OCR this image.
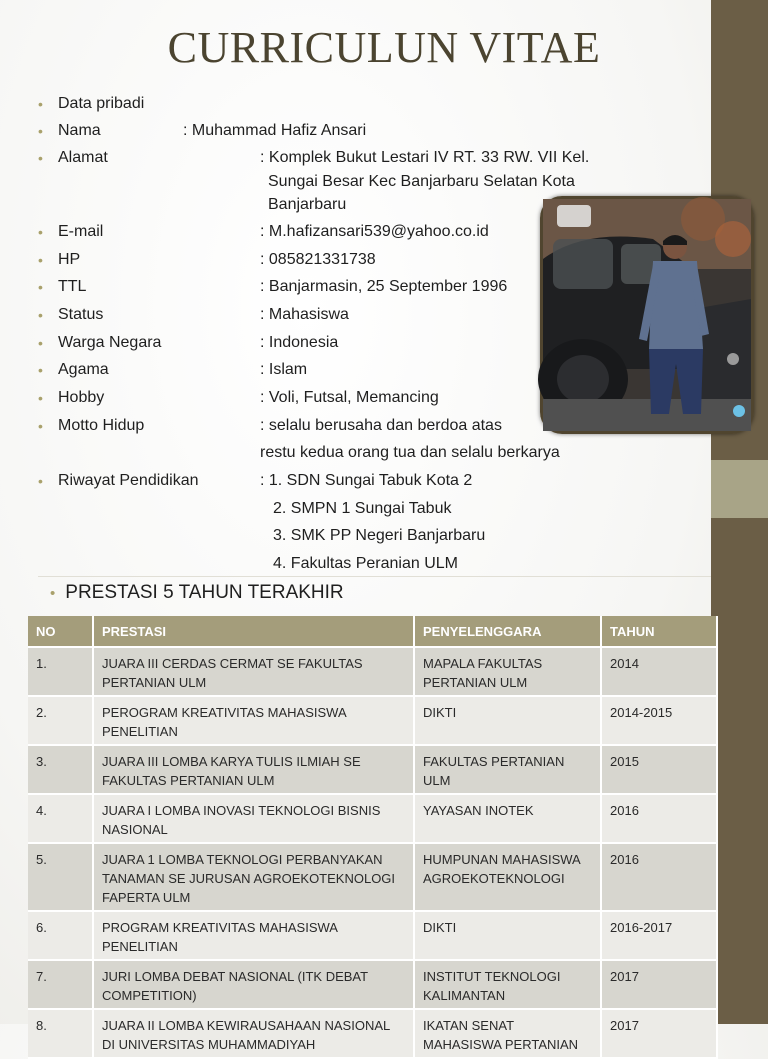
CURRICULUN VITAE
• Data pribadi
• Nama	: Muhammad Hafiz Ansari
• Alamat	: Komplek Bukut Lestari IV RT. 33 RW. VII Kel.
Sungai Besar Kec Banjarbaru Selatan Kota
Banjarbaru
• E-mail	: M.hafizansari539@yahoo.co.id
• HP	: 085821331738
• TTL	: Banjarmasin, 25 September 1996
• Status	: Mahasiswa
• Warga Negara	: Indonesia
• Agama	: Islam
• Hobby	: Voli, Futsal, Memancing
• Motto Hidup	: selalu berusaha dan berdoa atas
restu kedua orang tua dan selalu berkarya
• Riwayat Pendidikan	: 1. SDN Sungai Tabuk Kota 2
2. SMPN 1 Sungai Tabuk
3. SMK PP Negeri Banjarbaru
4. Fakultas Peranian ULM
• PRESTASI 5 TAHUN TERAKHIR
NO	PRESTASI	PENYELENGGARA	TAHUN
1.	JUARA III CERDAS CERMAT SE FAKULTAS PERTANIAN ULM	MAPALA FAKULTAS PERTANIAN ULM	2014
2.	PEROGRAM KREATIVITAS MAHASISWA PENELITIAN	DIKTI	2014-2015
3.	JUARA III LOMBA KARYA TULIS ILMIAH SE FAKULTAS PERTANIAN ULM	FAKULTAS PERTANIAN ULM	2015
4.	JUARA I LOMBA INOVASI TEKNOLOGI BISNIS NASIONAL	YAYASAN INOTEK	2016
5.	JUARA 1 LOMBA TEKNOLOGI PERBANYAKAN TANAMAN SE JURUSAN AGROEKOTEKNOLOGI FAPERTA ULM	HUMPUNAN MAHASISWA AGROEKOTEKNOLOGI	2016
6.	PROGRAM KREATIVITAS MAHASISWA PENELITIAN	DIKTI	2016-2017
7.	JURI LOMBA DEBAT NASIONAL (ITK DEBAT COMPETITION)	INSTITUT TEKNOLOGI KALIMANTAN	2017
8.	JUARA II LOMBA KEWIRAUSAHAAN NASIONAL DI UNIVERSITAS MUHAMMADIYAH	IKATAN SENAT MAHASISWA PERTANIAN	2017
